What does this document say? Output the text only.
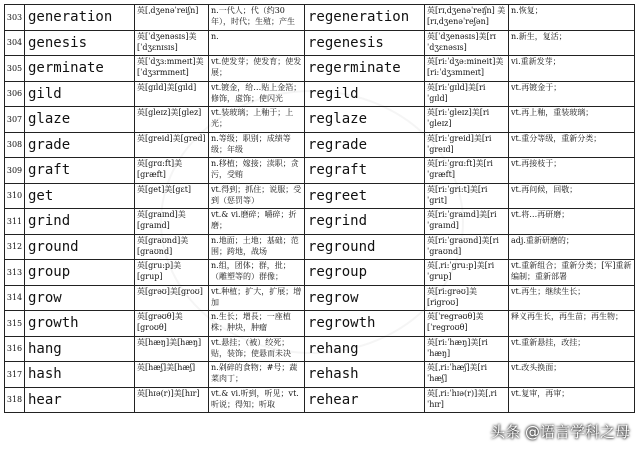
303	generation	英[ˌdʒenəˈreiʃn]	n.一代人；代（约30年），时代；生殖；产生	regeneration	英[rɪˌdʒenəˈreɪʃn] 美[rɪˌdʒenəˈreʃən]	n.恢复；

304	genesis	英[ˈdʒenəsɪs]美[ˈdʒɛnɪsɪs]	n.	regenesis	英[ˈdʒenəsɪs]美[rɪˈdʒɛnəsɪs]	n.新生，复活；

305	germinate	英[ˈdʒɜ:mɪneɪt]美[ˈdʒɜrmɪneɪt]	vt.使发芽；使发育；使发展；	regerminate	英[ri:ˈdʒə:mineit]美[ri:ˈdʒɜmɪneɪt]	vi.重新发芽；

306	gild	英[gɪld]美[gɪld]	vt.镀金，给…贴上金箔；修饰，虚饰；使闪光	regild	英[ri:ˈgɪld]美[riˈgɪld]	vt.再镀金于；

307	glaze	英[gleɪz]美[glez]	vt.装玻璃；上釉于；上光；	reglaze	英[ri:ˈgleɪz]美[riˈgleɪz]	vt.再上釉，重装玻璃；

308	grade	英[greid]美[gred]	n.等级；职别；成绩等级；年级	regrade	英[ri:ˈgreid]美[riˈgreɪd]	vt.重分等级，重新分类；

309	graft	英[grɑ:ft]美[græft]	n.移植；嫁接；渎职；贪污，受贿	regraft	英[ri:ˈgrɑ:ft]美[riˈgræft]	vt.再接枝于；

310	get	英[get]美[gɛt]	vt.得到；抓住；说服；受到（惩罚等）	regreet	英[ri:ˈgri:t]美[riˈgrit]	vt.再问候，回敬；

311	grind	英[graɪnd]美[graɪnd]	vt.& vi.磨碎；嚼碎；折磨；	regrind	英[ri:ˈgraɪnd]美[riˈgraɪnd]	vt.将…再研磨；

312	ground	英[graʊnd]美[graʊnd]	n.地面；土地；基础；范围；跨地，战场	reground	英[ri:ˈgraʊnd]美[riˈgraʊnd]	adj.重新研磨的；

313	group	英[gru:p]美[grup]	n.组，团体；群，批；（雕塑等的）群像；	regroup	英[ˌri:ˈgru:p]美[riˈgrup]	vt.重新组合；重新分类；[军]重新编制；重新部署

314	grow	英[grəʊ]美[groʊ]	vt.种植；扩大，扩展；增加	regrow	英[ri:grəʊ]美[rigroʊ]	vt.再生；继续生长；

315	growth	英[grəʊθ]美[groʊθ]	n.生长；增長；一座植株；肿块，肿瘤	regrowth	英[ˈregrəʊθ]美[ˈregroʊθ]	释义再生长，再生苗；再生物；

316	hang	英[hæŋ]美[hæŋ]	vt.悬挂；（被）绞死；贴，装饰；使悬而未决	rehang	英[ri:ˈhæŋ]美[riˈhæŋ]	vt.重新悬挂，改挂；

317	hash	英[hæʃ]美[hæʃ]	n.剁碎的食物；#号；蔬菜肉丁；	rehash	英[ˌri:ˈhæʃ]美[riˈhæʃ]	vt.改头换面；

318	hear	英[hɪə(r)]美[hɪr]	vt.& vi.听到，听见；vt.听说；得知；听取	rehear	英[ˌri:ˈhɪə(r)]美[ˌriˈhɪr]	vt.复审，再审；
头条 @语言学科之母
